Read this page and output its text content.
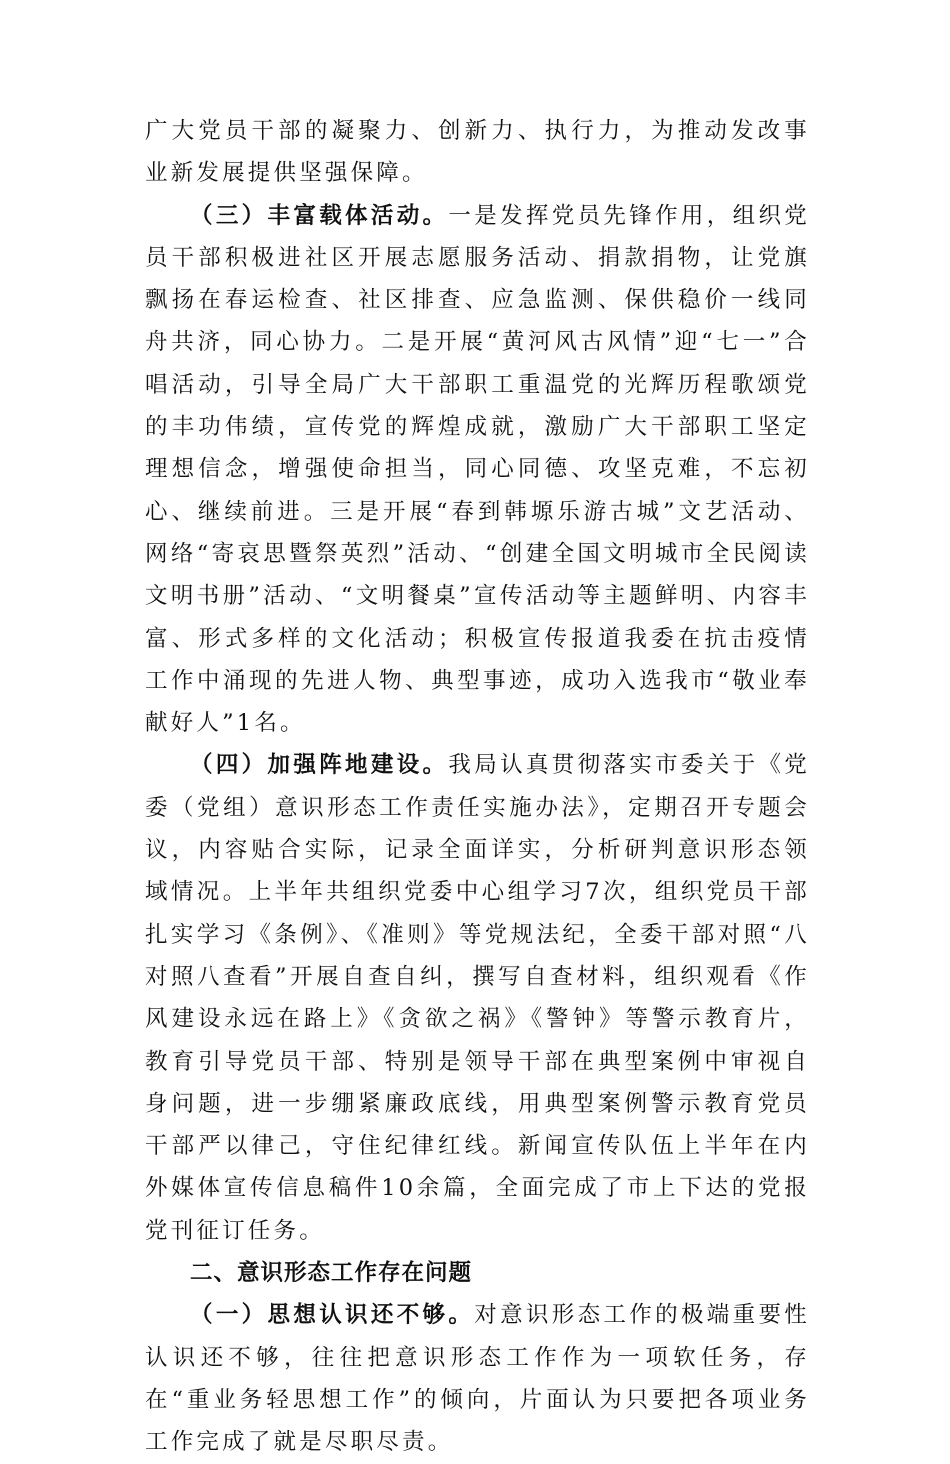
广大党员干部的凝聚力、创新力、执行力，为推动发改事业新发展提供坚强保障。

（三）丰富载体活动。一是发挥党员先锋作用，组织党员干部积极进社区开展志愿服务活动、捐款捐物，让党旗飘扬在春运检查、社区排查、应急监测、保供稳价一线同舟共济，同心协力。二是开展“黄河风古风情”迎“七一”合唱活动，引导全局广大干部职工重温党的光辉历程歌颂党的丰功伟绩，宣传党的辉煌成就，激励广大干部职工坚定理想信念，增强使命担当，同心同德、攻坚克难，不忘初心、继续前进。三是开展“春到韩塬乐游古城”文艺活动、网络“寄哀思暨祭英烈”活动、“创建全国文明城市全民阅读文明书册”活动、“文明餐桌”宣传活动等主题鲜明、内容丰富、形式多样的文化活动；积极宣传报道我委在抗击疫情工作中涌现的先进人物、典型事迹，成功入选我市“敬业奉献好人”1名。

（四）加强阵地建设。我局认真贯彻落实市委关于《党委（党组）意识形态工作责任实施办法》，定期召开专题会议，内容贴合实际，记录全面详实，分析研判意识形态领域情况。上半年共组织党委中心组学习7次，组织党员干部扎实学习《条例》、《准则》等党规法纪，全委干部对照“八对照八查看”开展自查自纠，撰写自查材料，组织观看《作风建设永远在路上》《贪欲之祸》《警钟》等警示教育片，教育引导党员干部、特别是领导干部在典型案例中审视自身问题，进一步绷紧廉政底线，用典型案例警示教育党员干部严以律己，守住纪律红线。新闻宣传队伍上半年在内外媒体宣传信息稿件10余篇，全面完成了市上下达的党报党刊征订任务。

二、意识形态工作存在问题

（一）思想认识还不够。对意识形态工作的极端重要性认识还不够，往往把意识形态工作作为一项软任务，存在“重业务轻思想工作”的倾向，片面认为只要把各项业务工作完成了就是尽职尽责。
